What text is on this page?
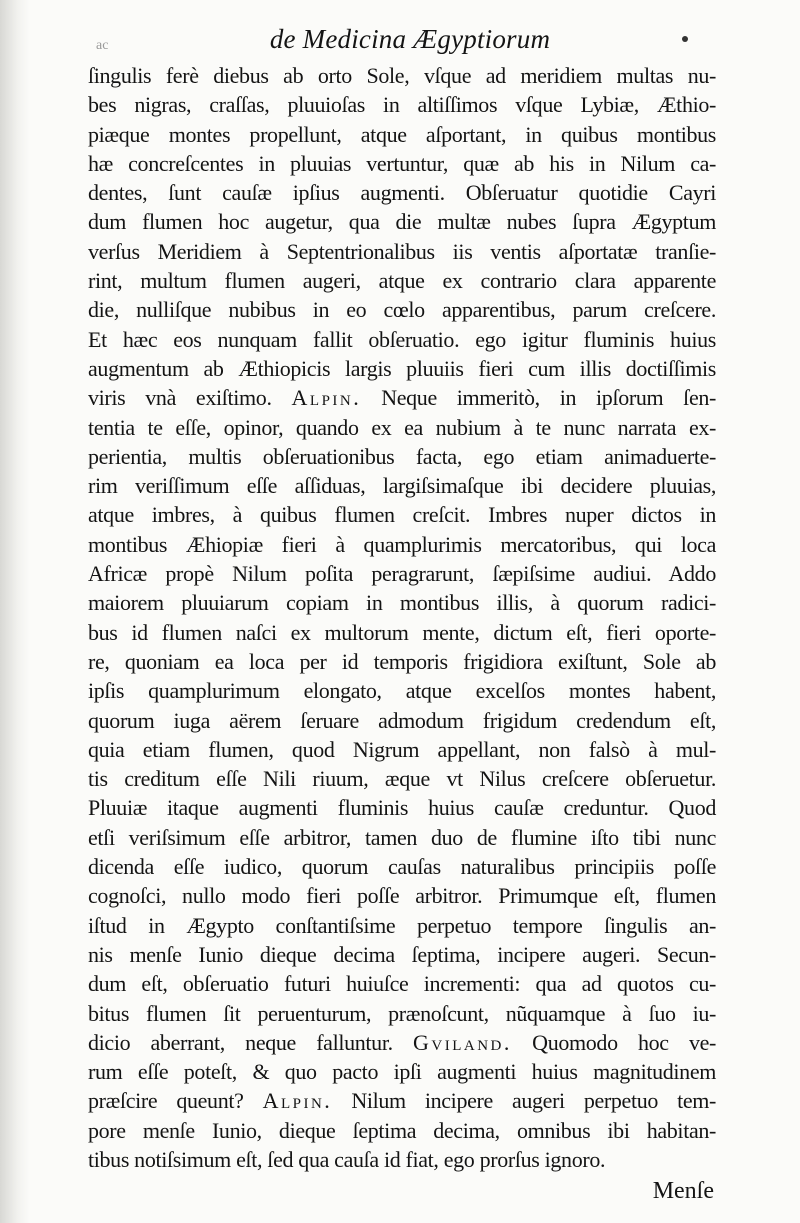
ac	de Medicina Ægyptiorum
ſingulis ferè diebus ab orto Sole, vſque ad meridiem multas nu-
bes nigras, craſſas, pluuioſas in altiſſimos vſque Lybiæ, Æthio-
piæque montes propellunt, atque aſportant, in quibus montibus
hæ concreſcentes in pluuias vertuntur, quæ ab his in Nilum ca-
dentes, ſunt cauſæ ipſius augmenti. Obſeruatur quotidie Cayri
dum flumen hoc augetur, qua die multæ nubes ſupra Ægyptum
verſus Meridiem à Septentrionalibus iis ventis aſportatæ tranſie-
rint, multum flumen augeri, atque ex contrario clara apparente
die, nulliſque nubibus in eo cœlo apparentibus, parum creſcere.
Et hæc eos nunquam fallit obſeruatio. ego igitur fluminis huius
augmentum ab Æthiopicis largis pluuiis fieri cum illis doctiſſimis
viris vnà exiſtimo. Alpin. Neque immeritò, in ipſorum ſen-
tentia te eſſe, opinor, quando ex ea nubium à te nunc narrata ex-
perientia, multis obſeruationibus facta, ego etiam animaduerte-
rim veriſſimum eſſe aſſiduas, largiſsimaſque ibi decidere pluuias,
atque imbres, à quibus flumen creſcit. Imbres nuper dictos in
montibus Æhiopiæ fieri à quamplurimis mercatoribus, qui loca
Africæ propè Nilum poſita peragrarunt, ſæpiſsime audiui. Addo
maiorem pluuiarum copiam in montibus illis, à quorum radici-
bus id flumen naſci ex multorum mente, dictum eſt, fieri oporte-
re, quoniam ea loca per id temporis frigidiora exiſtunt, Sole ab
ipſis quamplurimum elongato, atque excelſos montes habent,
quorum iuga aërem ſeruare admodum frigidum credendum eſt,
quia etiam flumen, quod Nigrum appellant, non falsò à mul-
tis creditum eſſe Nili riuum, æque vt Nilus creſcere obſeruetur.
Pluuiæ itaque augmenti fluminis huius cauſæ creduntur. Quod
etſi veriſsimum eſſe arbitror, tamen duo de flumine iſto tibi nunc
dicenda eſſe iudico, quorum cauſas naturalibus principiis poſſe
cognoſci, nullo modo fieri poſſe arbitror. Primumque eſt, flumen
iſtud in Ægypto conſtantiſsime perpetuo tempore ſingulis an-
nis menſe Iunio dieque decima ſeptima, incipere augeri. Secun-
dum eſt, obſeruatio futuri huiuſce incrementi: qua ad quotos cu-
bitus flumen ſit peruenturum, prænoſcunt, nũquamque à ſuo iu-
dicio aberrant, neque falluntur. Gviland. Quomodo hoc ve-
rum eſſe poteſt, & quo pacto ipſi augmenti huius magnitudinem
præſcire queunt? Alpin. Nilum incipere augeri perpetuo tem-
pore menſe Iunio, dieque ſeptima decima, omnibus ibi habitan-
tibus notiſsimum eſt, ſed qua cauſa id fiat, ego prorſus ignoro.
Menſe
